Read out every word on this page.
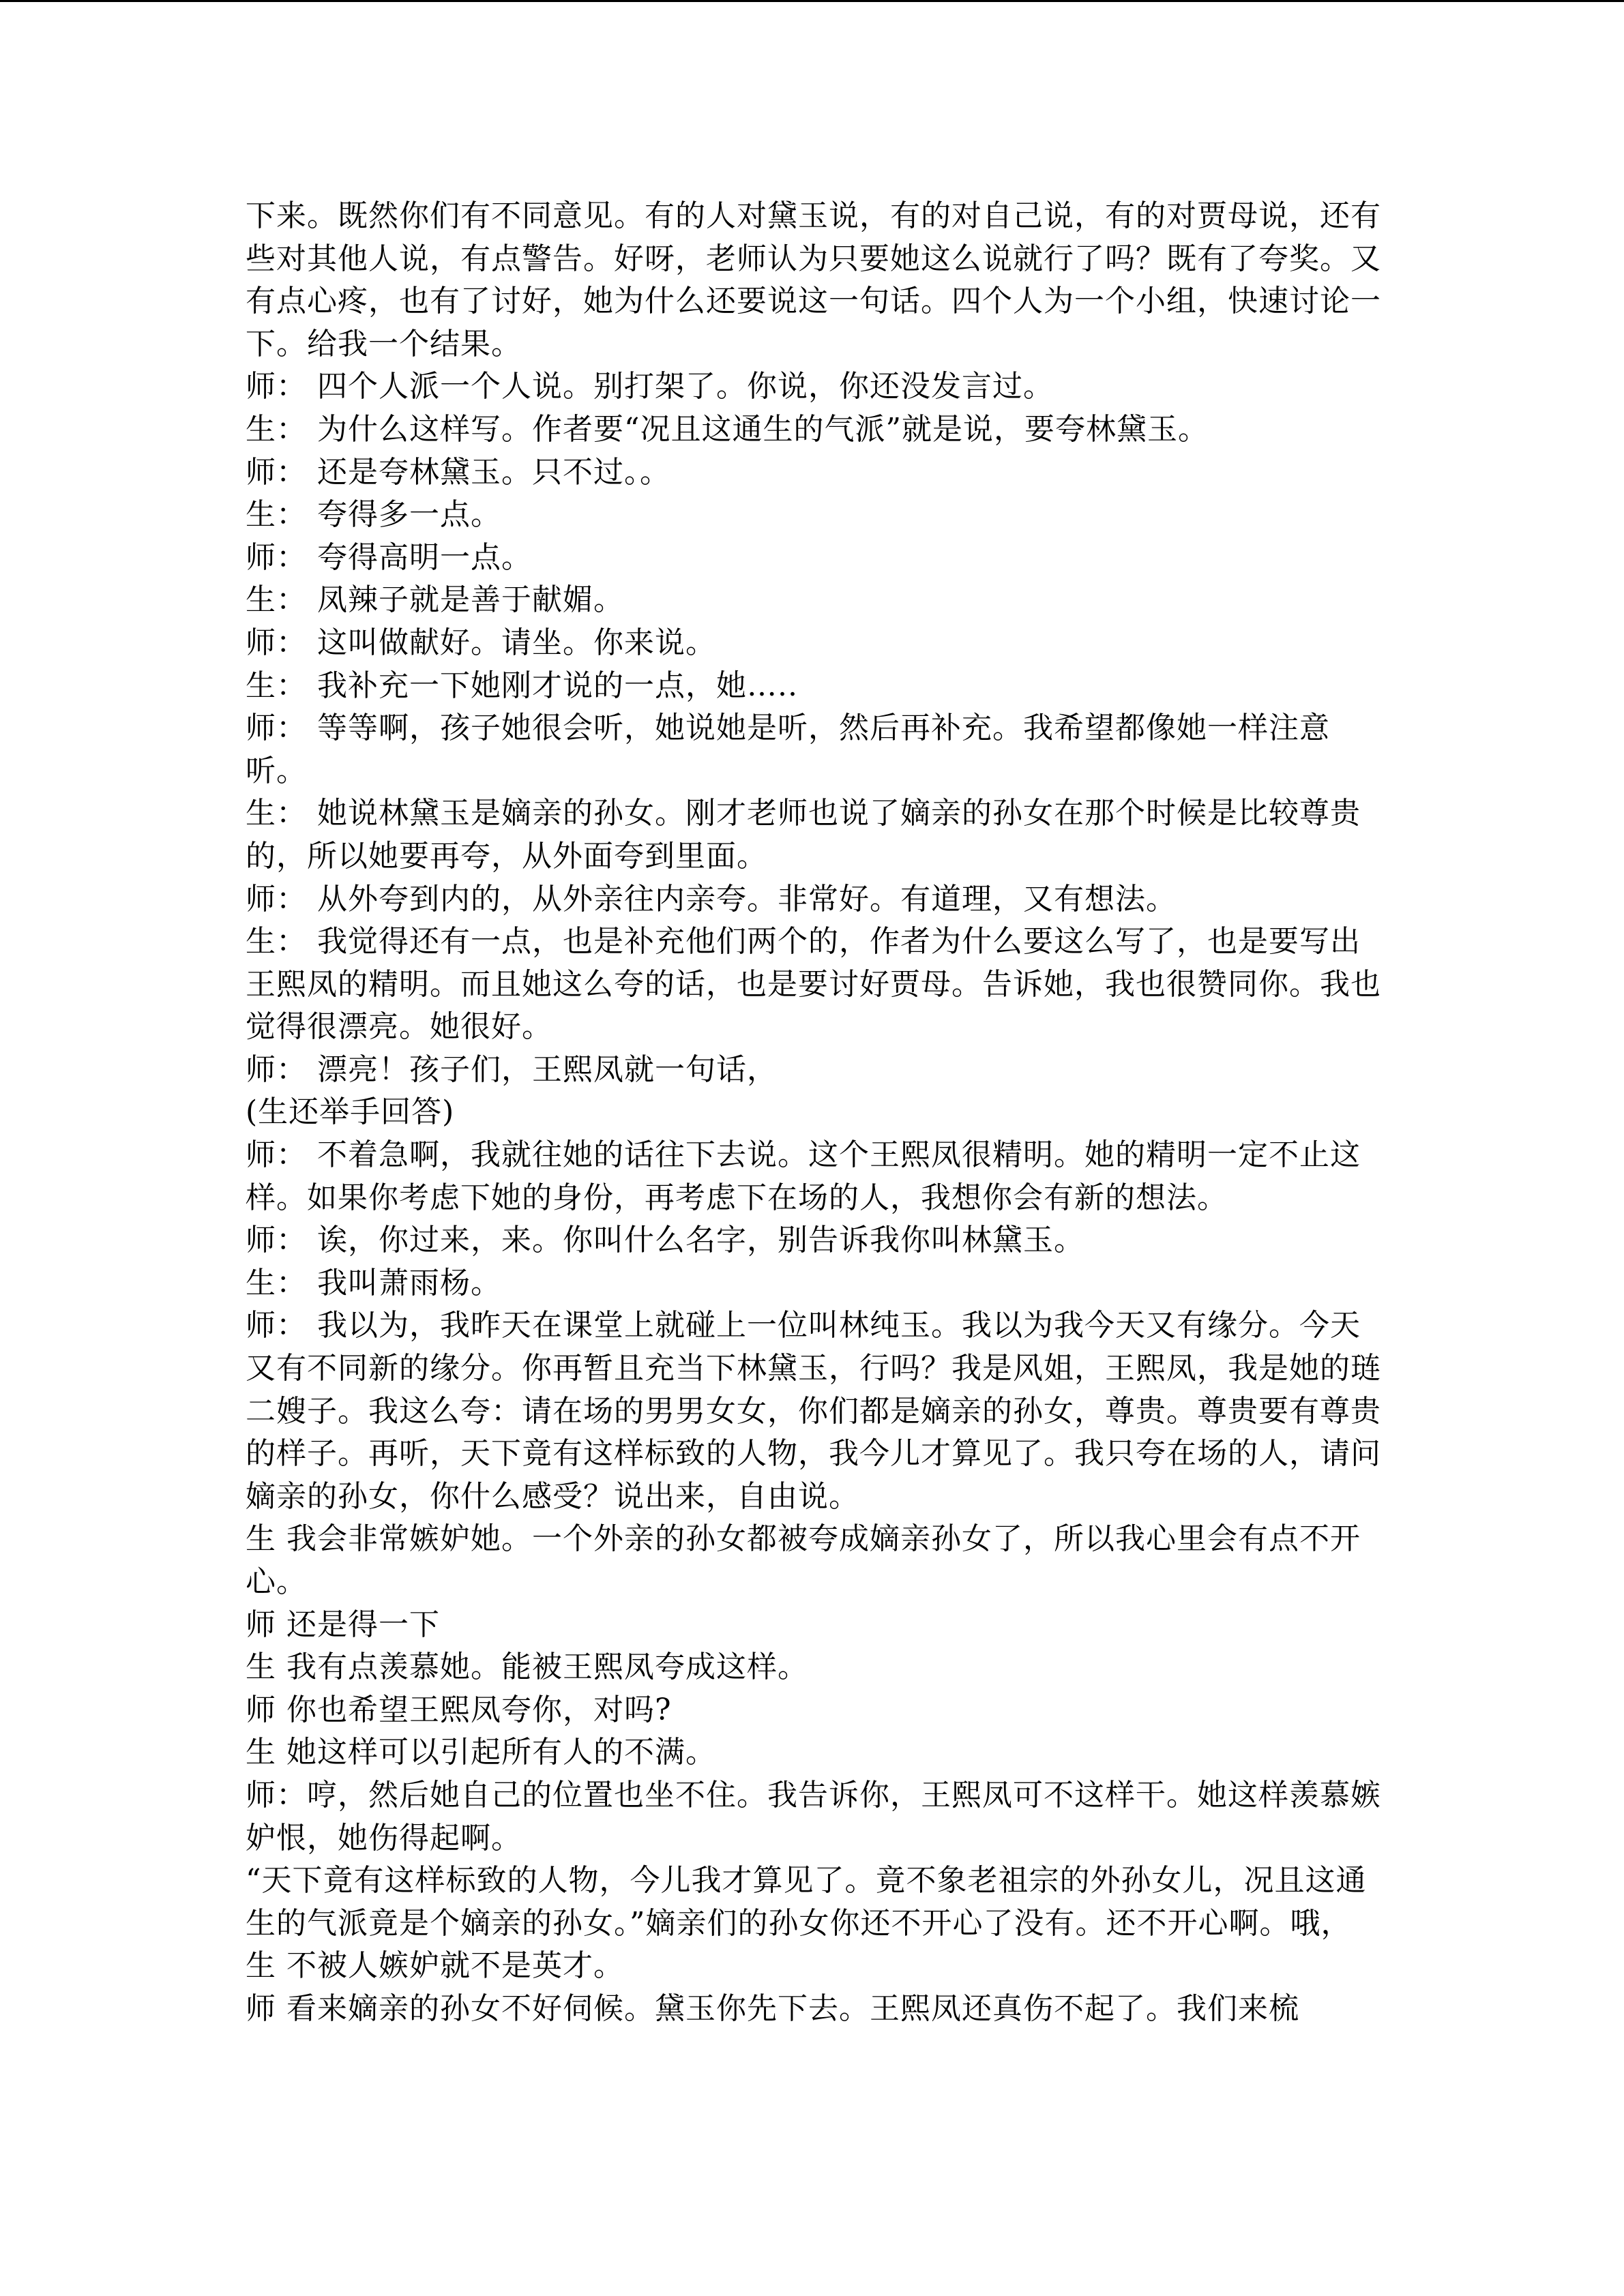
下来。既然你们有不同意见。有的人对黛玉说，有的对自己说，有的对贾母说，还有些对其他人说，有点警告。好呀，老师认为只要她这么说就行了吗？既有了夸奖。又有点心疼，也有了讨好，她为什么还要说这一句话。四个人为一个小组，快速讨论一下。给我一个结果。

师： 四个人派一个人说。别打架了。你说，你还没发言过。

生： 为什么这样写。作者要“况且这通生的气派”就是说，要夸林黛玉。

师： 还是夸林黛玉。只不过。。

生： 夸得多一点。

师： 夸得高明一点。

生： 凤辣子就是善于献媚。

师： 这叫做献好。请坐。你来说。

生： 我补充一下她刚才说的一点，她…..

师： 等等啊，孩子她很会听，她说她是听，然后再补充。我希望都像她一样注意听。

生： 她说林黛玉是嫡亲的孙女。刚才老师也说了嫡亲的孙女在那个时候是比较尊贵的，所以她要再夸，从外面夸到里面。

师： 从外夸到内的，从外亲往内亲夸。非常好。有道理，又有想法。

生： 我觉得还有一点，也是补充他们两个的，作者为什么要这么写了，也是要写出王熙凤的精明。而且她这么夸的话，也是要讨好贾母。告诉她，我也很赞同你。我也觉得很漂亮。她很好。

师： 漂亮！孩子们，王熙凤就一句话，

(生还举手回答)

师： 不着急啊，我就往她的话往下去说。这个王熙凤很精明。她的精明一定不止这样。如果你考虑下她的身份，再考虑下在场的人，我想你会有新的想法。

师： 诶，你过来，来。你叫什么名字，别告诉我你叫林黛玉。

生： 我叫萧雨杨。

师： 我以为，我昨天在课堂上就碰上一位叫林纯玉。我以为我今天又有缘分。今天又有不同新的缘分。你再暂且充当下林黛玉，行吗？我是风姐，王熙凤，我是她的琏二嫂子。我这么夸：请在场的男男女女，你们都是嫡亲的孙女，尊贵。尊贵要有尊贵的样子。再听，天下竟有这样标致的人物，我今儿才算见了。我只夸在场的人，请问嫡亲的孙女，你什么感受？说出来，自由说。

生 我会非常嫉妒她。一个外亲的孙女都被夸成嫡亲孙女了，所以我心里会有点不开心。

师 还是得一下

生 我有点羡慕她。能被王熙凤夸成这样。

师 你也希望王熙凤夸你，对吗?

生 她这样可以引起所有人的不满。

师：哼，然后她自己的位置也坐不住。我告诉你，王熙凤可不这样干。她这样羡慕嫉妒恨，她伤得起啊。

“天下竟有这样标致的人物，今儿我才算见了。竟不象老祖宗的外孙女儿，况且这通生的气派竟是个嫡亲的孙女。”嫡亲们的孙女你还不开心了没有。还不开心啊。哦，

生 不被人嫉妒就不是英才。

师 看来嫡亲的孙女不好伺候。黛玉你先下去。王熙凤还真伤不起了。我们来梳
